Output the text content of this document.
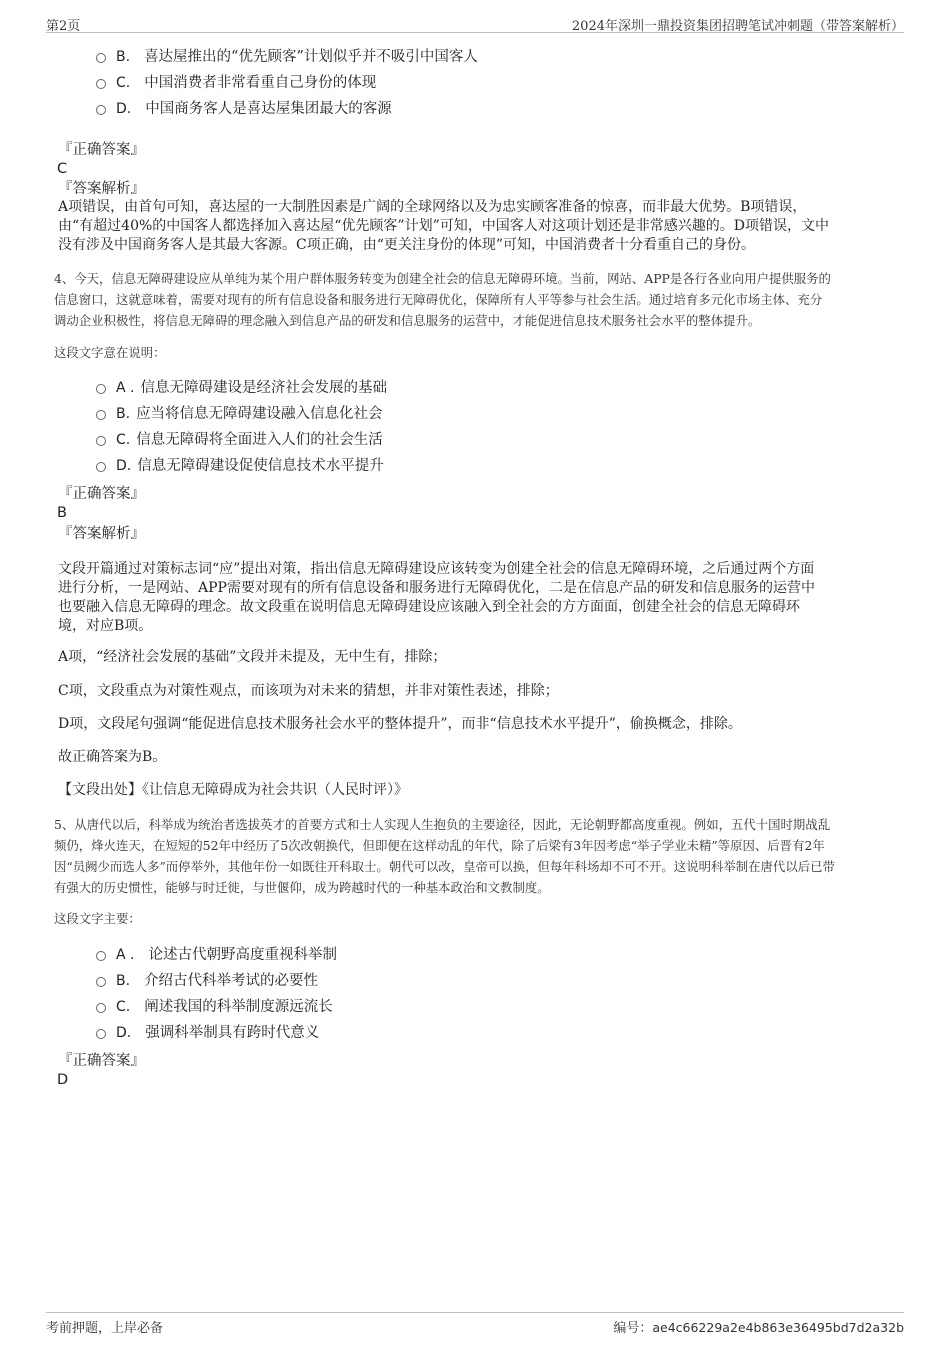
第2页	2024年深圳一鼎投资集团招聘笔试冲刺题（带答案解析）
B. 喜达屋推出的“优先顾客”计划似乎并不吸引中国客人
C. 中国消费者非常看重自己身份的体现
D. 中国商务客人是喜达屋集团最大的客源
『正确答案』
C
『答案解析』
A项错误，由首句可知，喜达屋的一大制胜因素是广阔的全球网络以及为忠实顾客准备的惊喜，而非最大优势。B项错误，
由“有超过40%的中国客人都选择加入喜达屋“优先顾客”计划”可知，中国客人对这项计划还是非常感兴趣的。D项错误，文中
没有涉及中国商务客人是其最大客源。C项正确，由“更关注身份的体现”可知，中国消费者十分看重自己的身份。
4、今天，信息无障碍建设应从单纯为某个用户群体服务转变为创建全社会的信息无障碍环境。当前，网站、APP是各行各业向用户提供服务的
信息窗口，这就意味着，需要对现有的所有信息设备和服务进行无障碍优化，保障所有人平等参与社会生活。通过培育多元化市场主体、充分
调动企业积极性，将信息无障碍的理念融入到信息产品的研发和信息服务的运营中，才能促进信息技术服务社会水平的整体提升。
这段文字意在说明：
A . 信息无障碍建设是经济社会发展的基础
B. 应当将信息无障碍建设融入信息化社会
C. 信息无障碍将全面进入人们的社会生活
D. 信息无障碍建设促使信息技术水平提升
『正确答案』
B
『答案解析』
文段开篇通过对策标志词“应”提出对策，指出信息无障碍建设应该转变为创建全社会的信息无障碍环境，之后通过两个方面
进行分析，一是网站、APP需要对现有的所有信息设备和服务进行无障碍优化，二是在信息产品的研发和信息服务的运营中
也要融入信息无障碍的理念。故文段重在说明信息无障碍建设应该融入到全社会的方方面面，创建全社会的信息无障碍环
境，对应B项。
A项，“经济社会发展的基础”文段并未提及，无中生有，排除；
C项，文段重点为对策性观点，而该项为对未来的猜想，并非对策性表述，排除；
D项，文段尾句强调“能促进信息技术服务社会水平的整体提升”，而非“信息技术水平提升”，偷换概念，排除。
故正确答案为B。
【文段出处】《让信息无障碍成为社会共识（人民时评）》
5、从唐代以后，科举成为统治者选拔英才的首要方式和士人实现人生抱负的主要途径，因此，无论朝野都高度重视。例如，五代十国时期战乱
频仍，烽火连天，在短短的52年中经历了5次改朝换代，但即便在这样动乱的年代，除了后梁有3年因考虑“举子学业未精”等原因、后晋有2年
因“员阙少而选人多”而停举外，其他年份一如既往开科取士。朝代可以改，皇帝可以换，但每年科场却不可不开。这说明科举制在唐代以后已带
有强大的历史惯性，能够与时迁徙，与世偃仰，成为跨越时代的一种基本政治和文教制度。
这段文字主要：
A . 论述古代朝野高度重视科举制
B. 介绍古代科举考试的必要性
C. 阐述我国的科举制度源远流长
D. 强调科举制具有跨时代意义
『正确答案』
D
考前押题，上岸必备	编号：ae4c66229a2e4b863e36495bd7d2a32b
